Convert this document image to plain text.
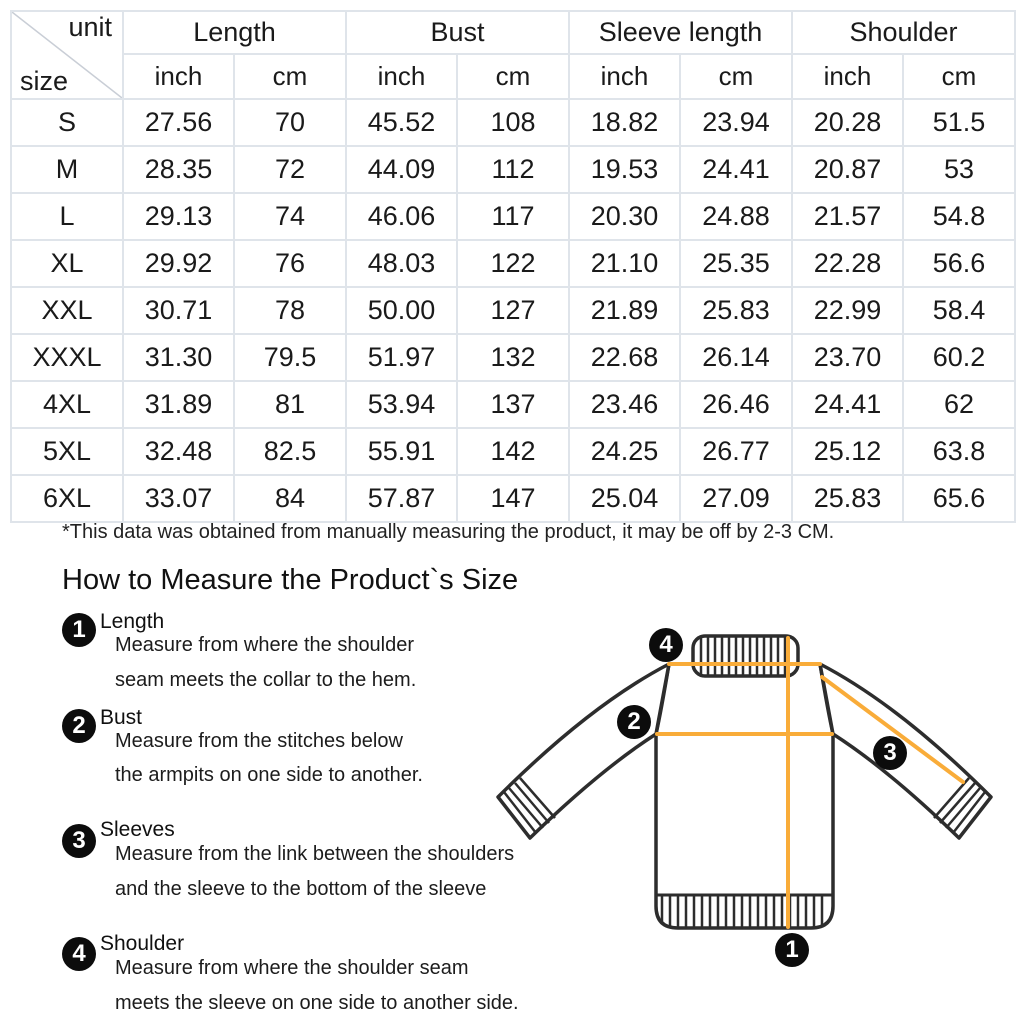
unit
size	Length		Bust		Sleeve length		Shoulder	
	inch	cm	inch	cm	inch	cm	inch	cm
S	27.56	70	45.52	108	18.82	23.94	20.28	51.5
M	28.35	72	44.09	112	19.53	24.41	20.87	53
L	29.13	74	46.06	117	20.30	24.88	21.57	54.8
XL	29.92	76	48.03	122	21.10	25.35	22.28	56.6
XXL	30.71	78	50.00	127	21.89	25.83	22.99	58.4
XXXL	31.30	79.5	51.97	132	22.68	26.14	23.70	60.2
4XL	31.89	81	53.94	137	23.46	26.46	24.41	62
5XL	32.48	82.5	55.91	142	24.25	26.77	25.12	63.8
6XL	33.07	84	57.87	147	25.04	27.09	25.83	65.6
*This data was obtained from manually measuring the product, it may be off by 2-3 CM.
How to Measure the Product`s Size
1 Length
Measure from where the shoulder
seam meets the collar to the hem.
2 Bust
Measure from the stitches below
the armpits on one side to another.
3 Sleeves
Measure from the link between the shoulders
and the sleeve to the bottom of the sleeve
4 Shoulder
Measure from where the shoulder seam
meets the sleeve on one side to another side.
1
2
3
4
